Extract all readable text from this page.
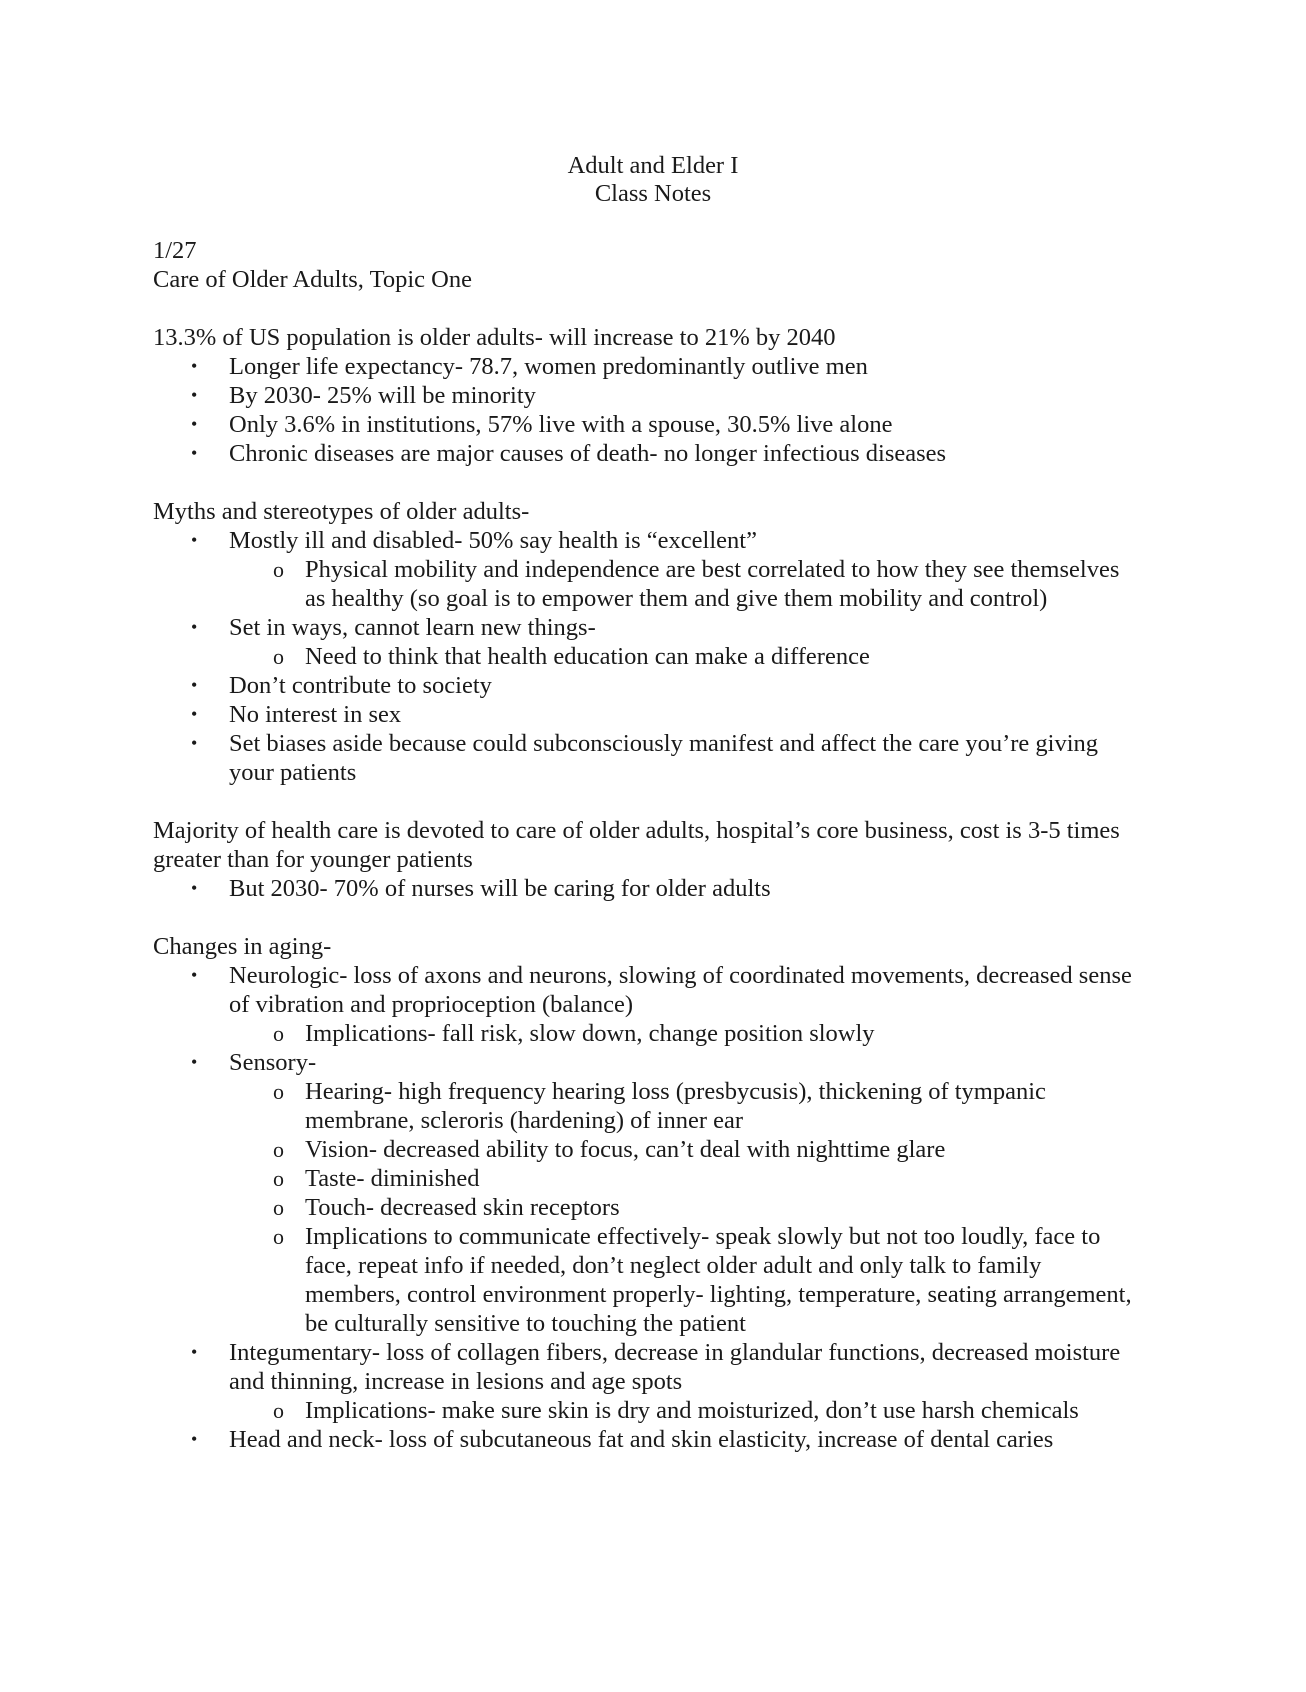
Adult and Elder I
Class Notes

1/27

Care of Older Adults, Topic One

13.3% of US population is older adults- will increase to 21% by 2040

• Longer life expectancy- 78.7, women predominantly outlive men
• By 2030- 25% will be minority
• Only 3.6% in institutions, 57% live with a spouse, 30.5% live alone
• Chronic diseases are major causes of death- no longer infectious diseases

Myths and stereotypes of older adults-

• Mostly ill and disabled- 50% say health is “excellent”
o Physical mobility and independence are best correlated to how they see themselves as healthy (so goal is to empower them and give them mobility and control)
• Set in ways, cannot learn new things-
o Need to think that health education can make a difference
• Don’t contribute to society
• No interest in sex
• Set biases aside because could subconsciously manifest and affect the care you’re giving your patients

Majority of health care is devoted to care of older adults, hospital’s core business, cost is 3-5 times greater than for younger patients

• But 2030- 70% of nurses will be caring for older adults

Changes in aging-

• Neurologic- loss of axons and neurons, slowing of coordinated movements, decreased sense of vibration and proprioception (balance)
o Implications- fall risk, slow down, change position slowly
• Sensory-
o Hearing- high frequency hearing loss (presbycusis), thickening of tympanic membrane, scleroris (hardening) of inner ear
o Vision- decreased ability to focus, can’t deal with nighttime glare
o Taste- diminished
o Touch- decreased skin receptors
o Implications to communicate effectively- speak slowly but not too loudly, face to face, repeat info if needed, don’t neglect older adult and only talk to family members, control environment properly- lighting, temperature, seating arrangement, be culturally sensitive to touching the patient
• Integumentary- loss of collagen fibers, decrease in glandular functions, decreased moisture and thinning, increase in lesions and age spots
o Implications- make sure skin is dry and moisturized, don’t use harsh chemicals
• Head and neck- loss of subcutaneous fat and skin elasticity, increase of dental caries
